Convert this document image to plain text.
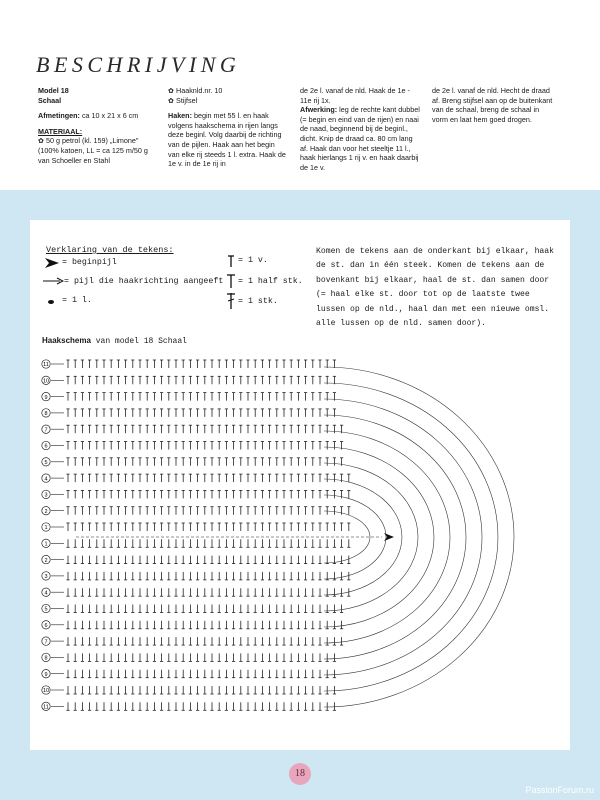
BESCHRIJVING

Model 18

Schaal

Afmetingen: ca 10 x 21 x 6 cm

MATERIAAL:

✿ 50 g petrol (kl. 159) „Limone" (100% katoen, LL = ca 125 m/50 g van Schoeller en Stahl

✿ Haaknld.nr. 10

✿ Stijfsel

Haken: begin met 55 l. en haak volgens haakschema in rijen langs deze beginl. Volg daarbij de richting van de pijlen. Haak aan het begin van elke rij steeds 1 l. extra. Haak de 1e v. in de 1e rij in

de 2e l. vanaf de nld. Haak de 1e - 11e rij 1x.

Afwerking: leg de rechte kant dubbel (= begin en eind van de rijen) en naai de naad, beginnend bij de beginl., dicht. Knip de draad ca. 80 cm lang af. Haak dan voor het steeltje 11 l., haak hierlangs 1 rij v. en haak daarbij de 1e v.

de 2e l. vanaf de nld. Hecht de draad af. Breng stijfsel aan op de buitenkant van de schaal, breng de schaal in vorm en laat hem goed drogen.

Verklaring van de tekens:
= beginpijl
= pijl die haakrichting aangeeft
= 1 l.
= 1 v.
= 1 half stk.
= 1 stk.
Komen de tekens aan de onderkant bij elkaar, haak de st. dan in één steek. Komen de tekens aan de bovenkant bij elkaar, haal de st. dan samen door (= haal elke st. door tot op de laatste twee lussen op de nld., haal dan met een nieuwe omsl. alle lussen op de nld. samen door).
Haakschema van model 18 Schaal
11
10
9
8
7
6
5
4
3
2
1
1
2
3
4
5
6
7
8
9
10
11
18
PassionForum.ru
